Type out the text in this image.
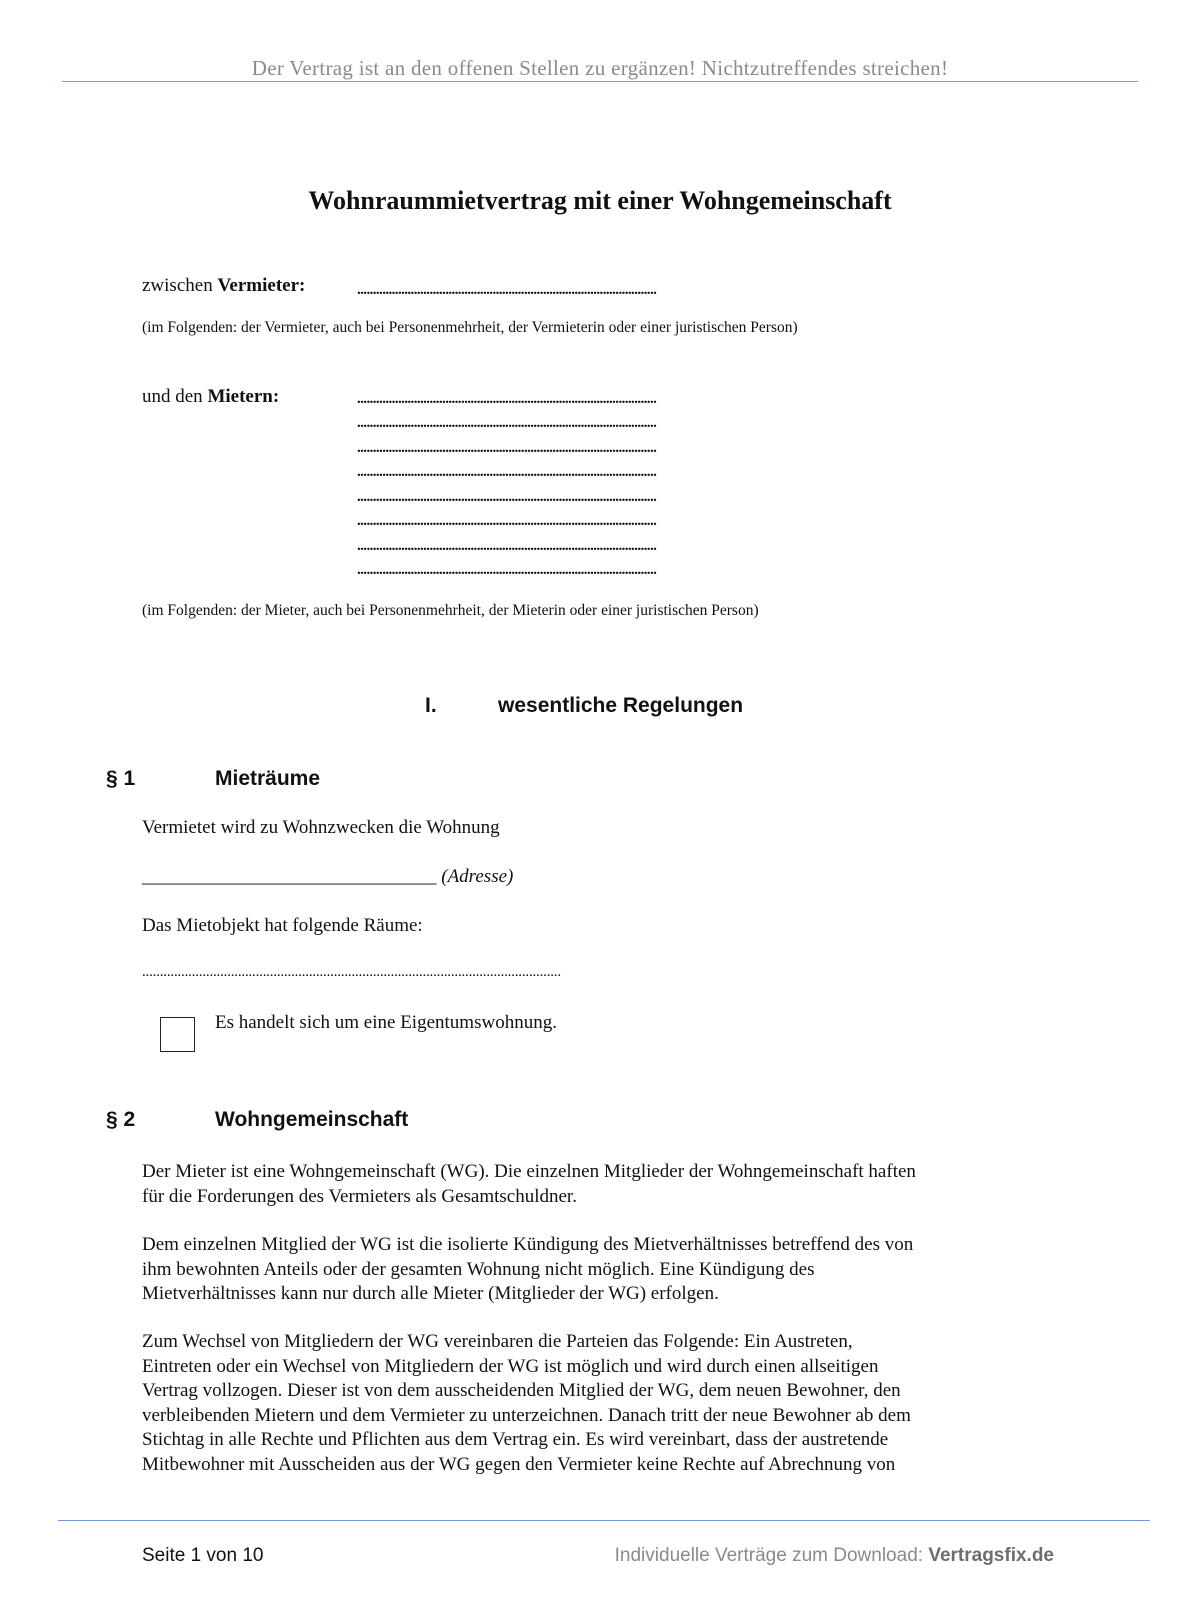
Der Vertrag ist an den offenen Stellen zu ergänzen! Nichtzutreffendes streichen!
Wohnraummietvertrag mit einer Wohngemeinschaft
zwischen Vermieter:	...............................................................................................
(im Folgenden: der Vermieter, auch bei Personenmehrheit, der Vermieterin oder einer juristischen Person)
und den Mietern:	...............................................................................................
...............................................................................................
...............................................................................................
...............................................................................................
...............................................................................................
...............................................................................................
...............................................................................................
...............................................................................................
(im Folgenden: der Mieter, auch bei Personenmehrheit, der Mieterin oder einer juristischen Person)
I.	wesentliche Regelungen
§ 1	Mieträume
Vermietet wird zu Wohnzwecken die Wohnung
_______________________________ (Adresse)
Das Mietobjekt hat folgende Räume:
......................................................................................................................
Es handelt sich um eine Eigentumswohnung.
§ 2	Wohngemeinschaft
Der Mieter ist eine Wohngemeinschaft (WG). Die einzelnen Mitglieder der Wohngemeinschaft haften
für die Forderungen des Vermieters als Gesamtschuldner.
Dem einzelnen Mitglied der WG ist die isolierte Kündigung des Mietverhältnisses betreffend des von
ihm bewohnten Anteils oder der gesamten Wohnung nicht möglich. Eine Kündigung des
Mietverhältnisses kann nur durch alle Mieter (Mitglieder der WG) erfolgen.
Zum Wechsel von Mitgliedern der WG vereinbaren die Parteien das Folgende: Ein Austreten,
Eintreten oder ein Wechsel von Mitgliedern der WG ist möglich und wird durch einen allseitigen
Vertrag vollzogen. Dieser ist von dem ausscheidenden Mitglied der WG, dem neuen Bewohner, den
verbleibenden Mietern und dem Vermieter zu unterzeichnen. Danach tritt der neue Bewohner ab dem
Stichtag in alle Rechte und Pflichten aus dem Vertrag ein. Es wird vereinbart, dass der austretende
Mitbewohner mit Ausscheiden aus der WG gegen den Vermieter keine Rechte auf Abrechnung von
Seite 1 von 10	Individuelle Verträge zum Download: Vertragsfix.de
